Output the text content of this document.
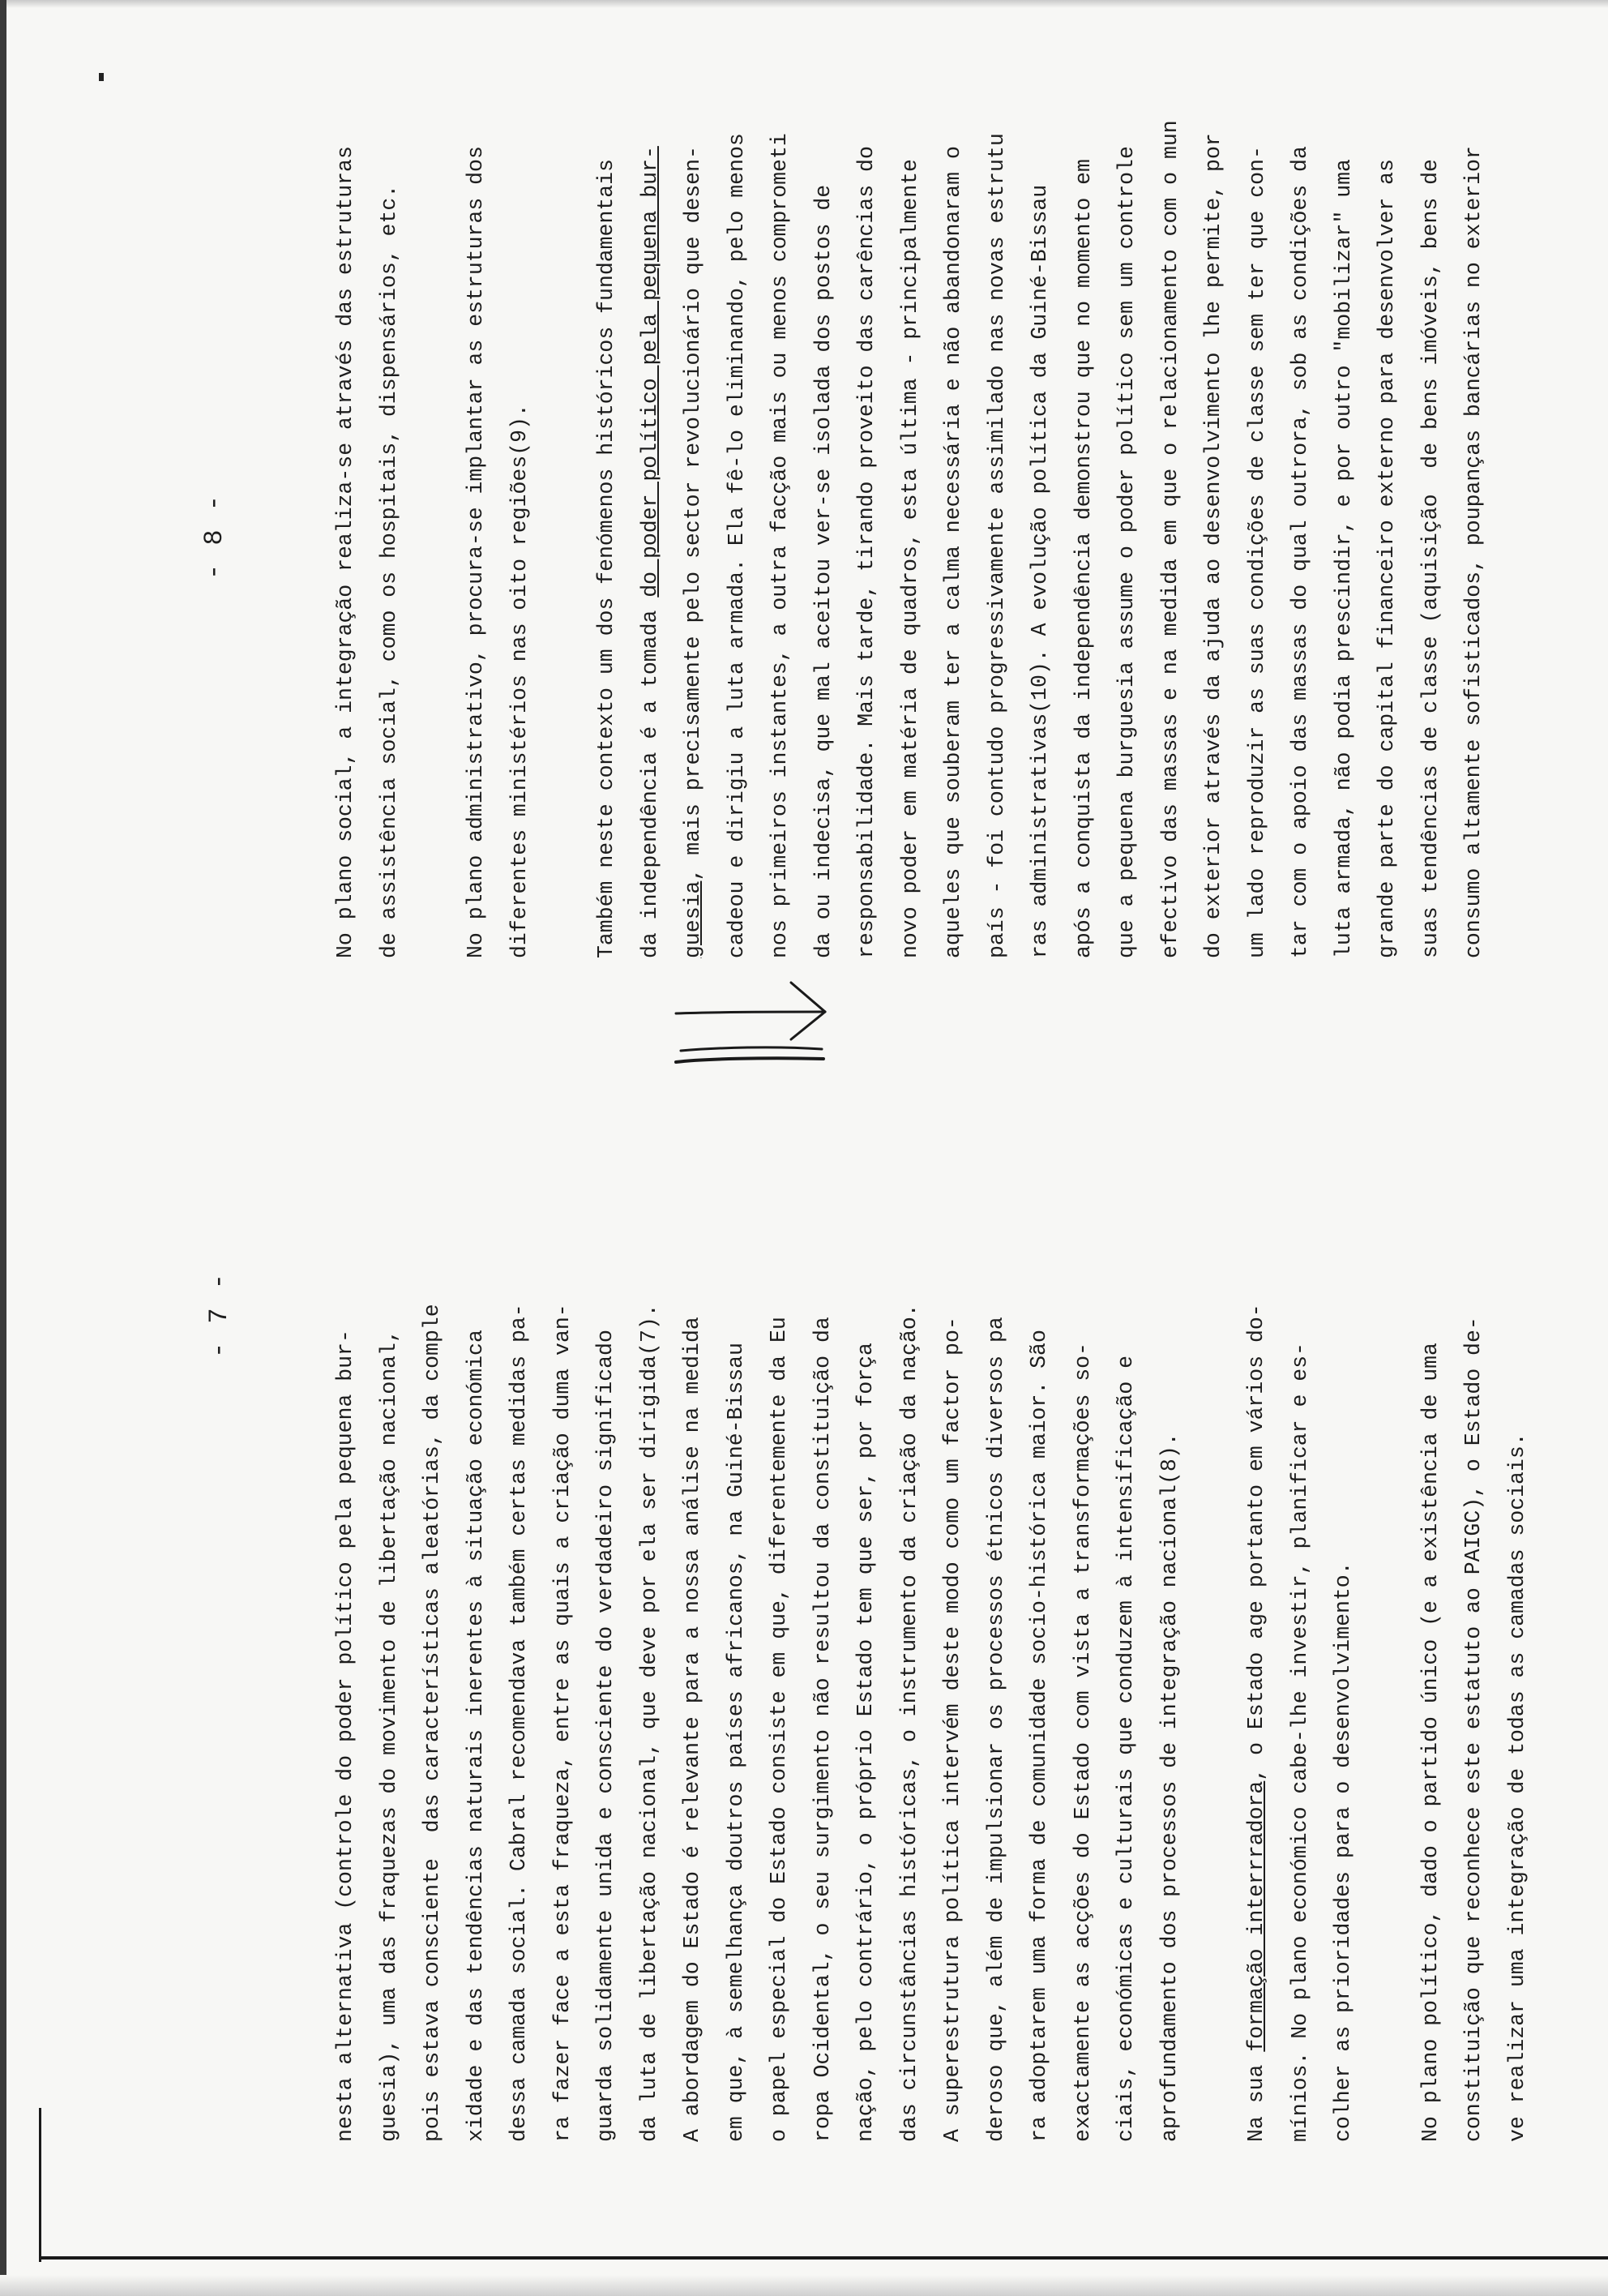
- 7 -
- 8 -
nesta alternativa (controle do poder político pela pequena bur- guesia), uma das fraquezas do movimento de libertação nacional, pois estava consciente  das características aleatórias, da comple xidade e das tendências naturais inerentes à situação económica dessa camada social. Cabral recomendava também certas medidas pa- ra fazer face a esta fraqueza, entre as quais a criação duma van- guarda solidamente unida e consciente do verdadeiro significado da luta de libertação nacional, que deve por ela ser dirigida(7). A abordagem do Estado é relevante para a nossa análise na medida em que, à semelhança doutros países africanos, na Guiné-Bissau o papel especial do Estado consiste em que, diferentemente da Eu ropa Ocidental, o seu surgimento não resultou da constituição da nação, pelo contrário, o próprio Estado tem que ser, por força das circunstâncias históricas, o instrumento da criação da nação. A superestrutura política intervém deste modo como um factor po- deroso que, além de impulsionar os processos étnicos diversos pa ra adoptarem uma forma de comunidade socio-histórica maior. São exactamente as acções do Estado com vista a transformações so- ciais, económicas e culturais que conduzem à intensificação e aprofundamento dos processos de integração nacional(8).	Na sua formação interrradora, o Estado age portanto em vários do- mínios. No plano económico cabe-lhe investir, planificar e es- colher as prioridades para o desenvolvimento.	No plano político, dado o partido único (e a existência de uma constituição que reconhece este estatuto ao PAIGC), o Estado de- ve realizar uma integração de todas as camadas sociais.
No plano social, a integração realiza-se através das estruturas de assistência social, como os hospitais, dispensários, etc.	No plano administrativo, procura-se implantar as estruturas dos diferentes ministérios nas oito regiões(9).	Também neste contexto um dos fenómenos históricos fundamentais da independência é a tomada do poder político pela pequena bur-
guesia, mais precisamente pelo sector revolucionário que desen- cadeou e dirigiu a luta armada. Ela fê-lo eliminando, pelo menos nos primeiros instantes, a outra facção mais ou menos comprometi da ou indecisa, que mal aceitou ver-se isolada dos postos de responsabilidade. Mais tarde, tirando proveito das carências do novo poder em matéria de quadros, esta última - principalmente aqueles que souberam ter a calma necessária e não abandonaram o país - foi contudo progressivamente assimilado nas novas estrutu ras administrativas(10). A evolução política da Guiné-Bissau após a conquista da independência demonstrou que no momento em que a pequena burguesia assume o poder político sem um controle efectivo das massas e na medida em que o relacionamento com o mun do exterior através da ajuda ao desenvolvimento lhe permite, por um lado reproduzir as suas condições de classe sem ter que con- tar com o apoio das massas do qual outrora, sob as condições da luta armada, não podia prescindir, e por outro "mobilizar" uma grande parte do capital financeiro externo para desenvolver as suas tendências de classe (aquisição  de bens imóveis, bens de consumo altamente sofisticados, poupanças bancárias no exterior
